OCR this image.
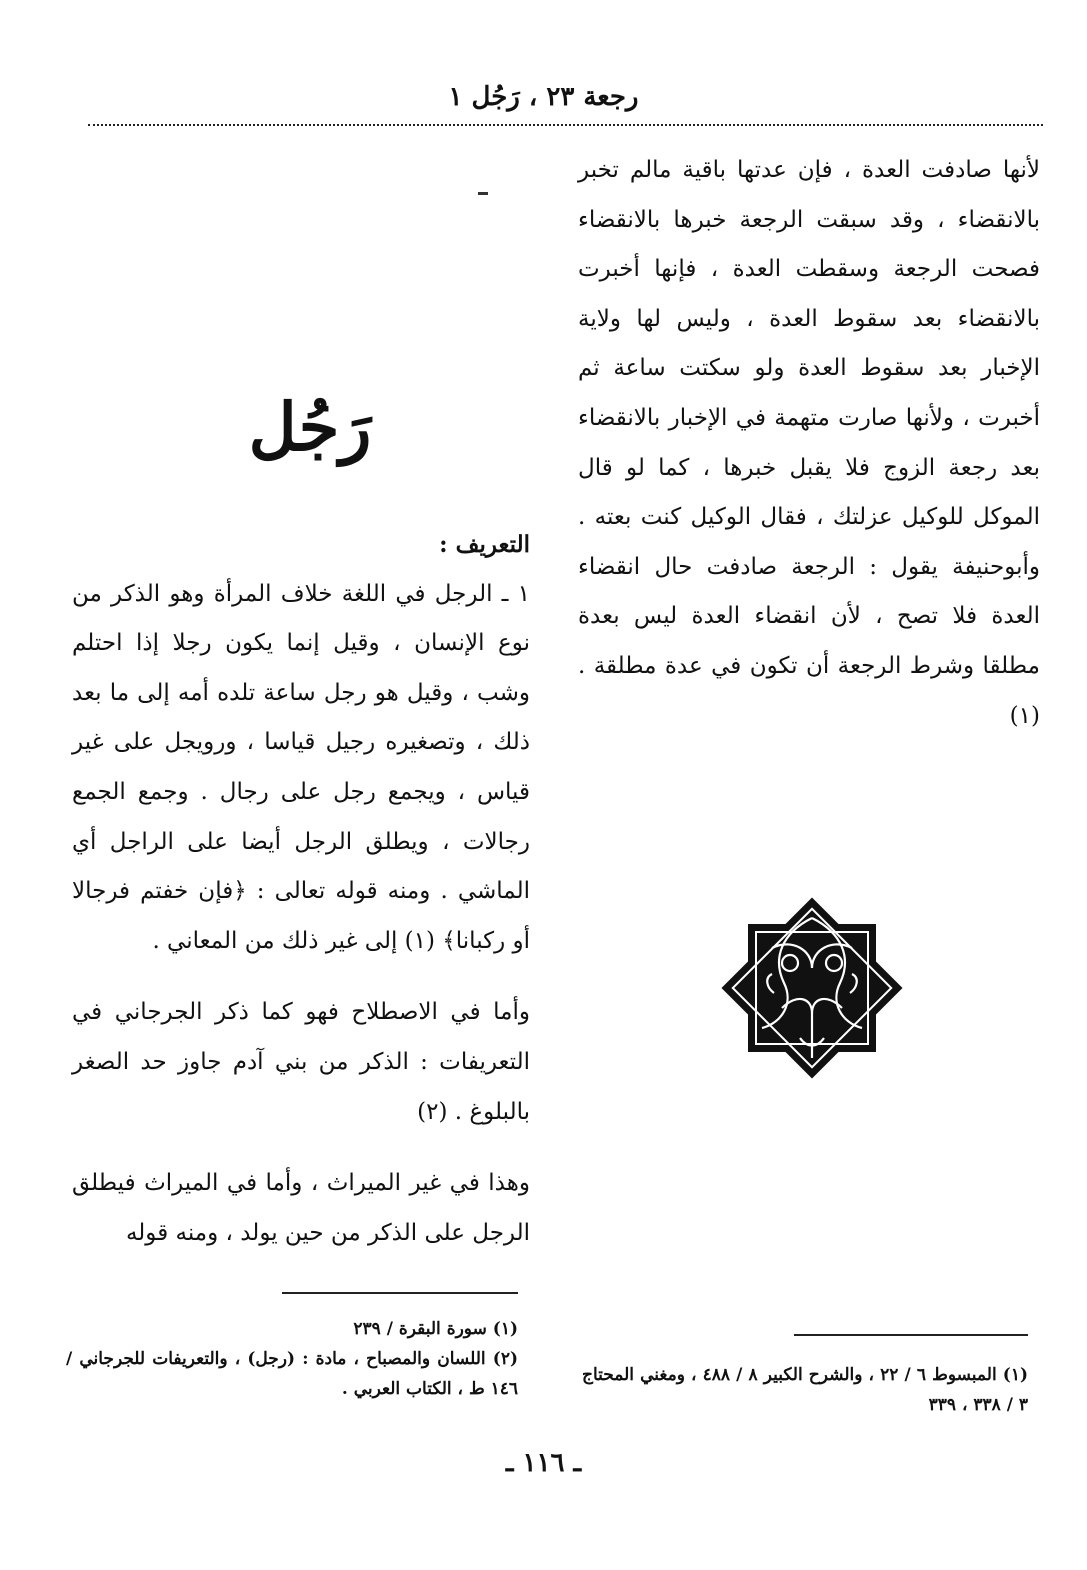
رجعة ٢٣ ، رَجُل ١

لأنها صادفت العدة ، فإن عدتها باقية مالم تخبر بالانقضاء ، وقد سبقت الرجعة خبرها بالانقضاء فصحت الرجعة وسقطت العدة ، فإنها أخبرت بالانقضاء بعد سقوط العدة ، وليس لها ولاية الإخبار بعد سقوط العدة ولو سكتت ساعة ثم أخبرت ، ولأنها صارت متهمة في الإخبار بالانقضاء بعد رجعة الزوج فلا يقبل خبرها ، كما لو قال الموكل للوكيل عزلتك ، فقال الوكيل كنت بعته . وأبوحنيفة يقول : الرجعة صادفت حال انقضاء العدة فلا تصح ، لأن انقضاء العدة ليس بعدة مطلقا وشرط الرجعة أن تكون في عدة مطلقة . (١)

رَجُل

التعريف :

١ ـ الرجل في اللغة خلاف المرأة وهو الذكر من نوع الإنسان ، وقيل إنما يكون رجلا إذا احتلم وشب ، وقيل هو رجل ساعة تلده أمه إلى ما بعد ذلك ، وتصغيره رجيل قياسا ، ورويجل على غير قياس ، ويجمع رجل على رجال . وجمع الجمع رجالات ، ويطلق الرجل أيضا على الراجل أي الماشي . ومنه قوله تعالى : ﴿فإن خفتم فرجالا أو ركبانا﴾ (١) إلى غير ذلك من المعاني .

وأما في الاصطلاح فهو كما ذكر الجرجاني في التعريفات : الذكر من بني آدم جاوز حد الصغر بالبلوغ . (٢)

وهذا في غير الميراث ، وأما في الميراث فيطلق الرجل على الذكر من حين يولد ، ومنه قوله

(١) سورة البقرة / ٢٣٩
(٢) اللسان والمصباح ، مادة : (رجل) ، والتعريفات للجرجاني / ١٤٦ ط ، الكتاب العربي .
(١) المبسوط ٦ / ٢٢ ، والشرح الكبير ٨ / ٤٨٨ ، ومغني المحتاج ٣ / ٣٣٨ ، ٣٣٩
ـ ١١٦ ـ
